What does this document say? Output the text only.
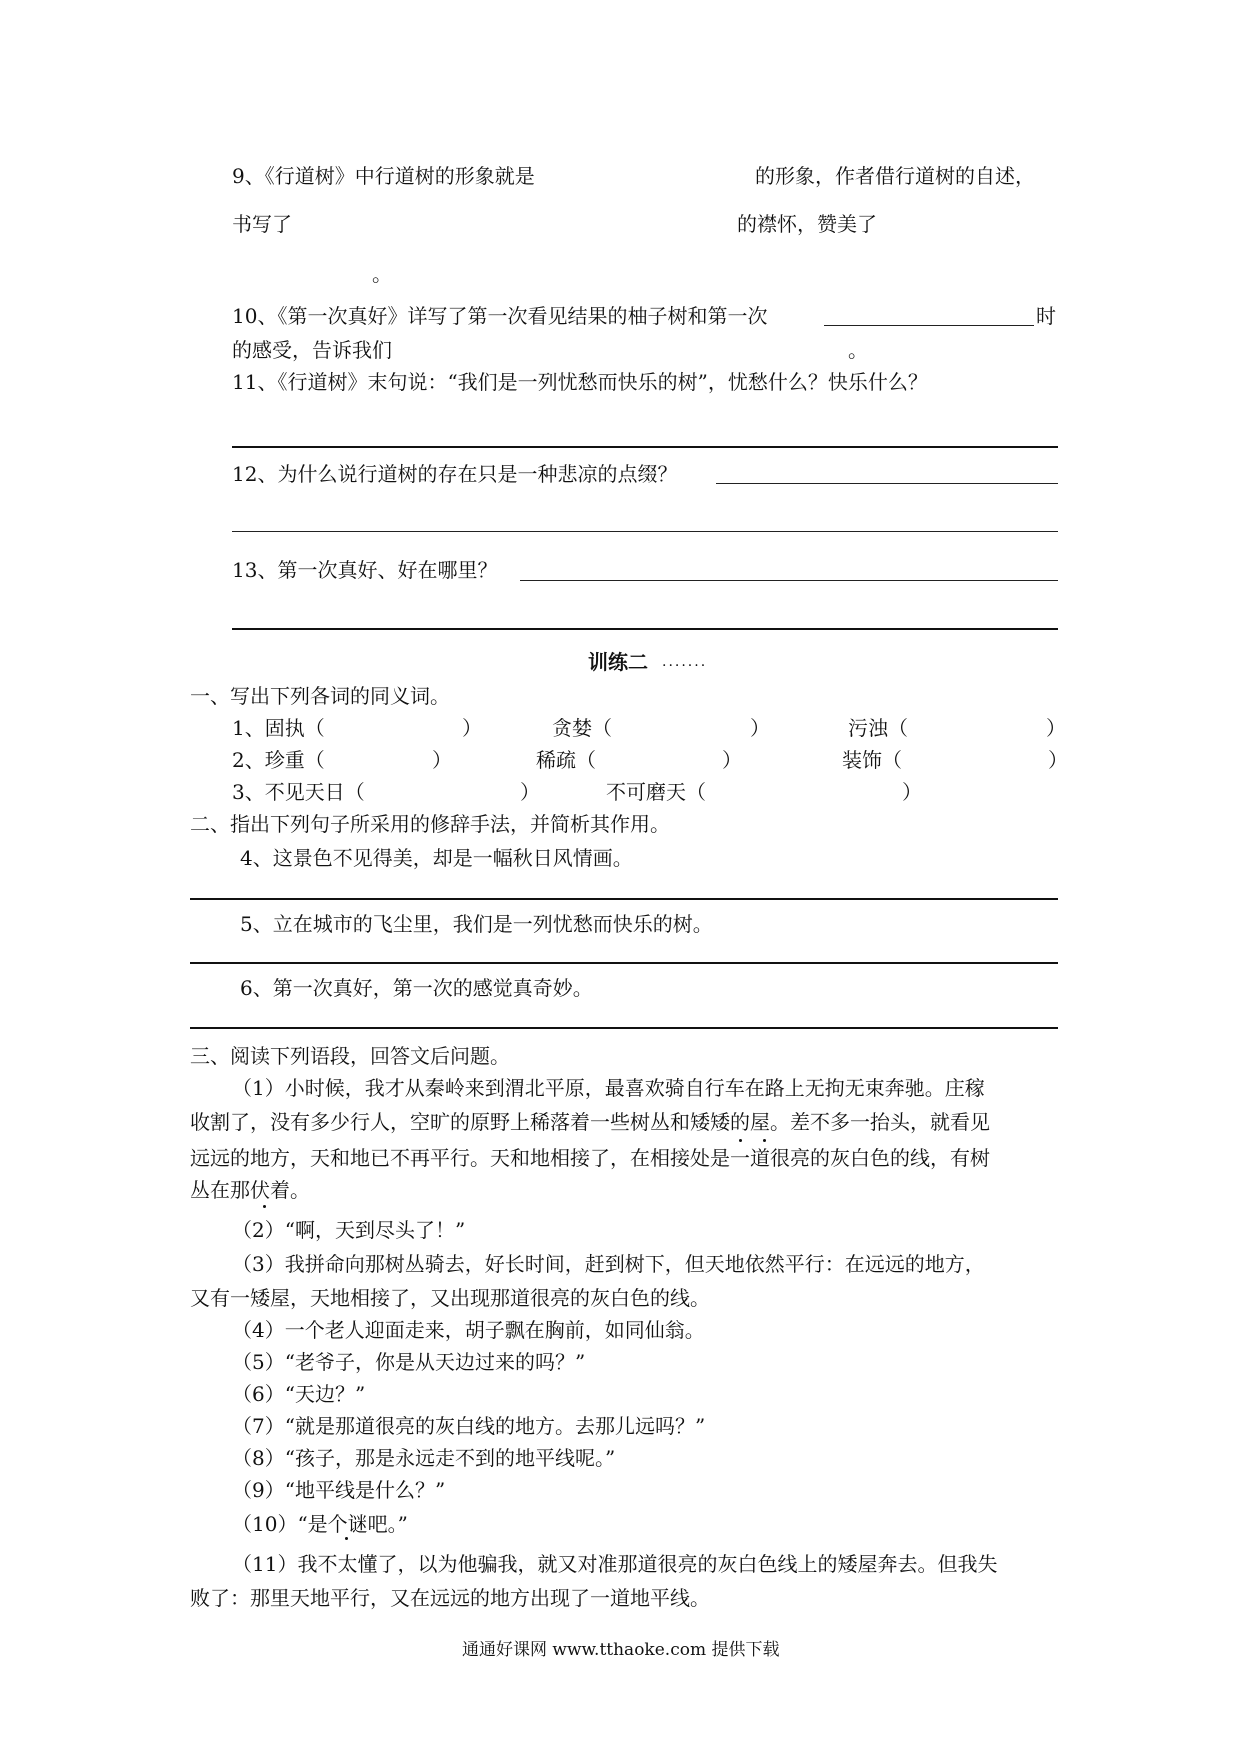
9、《行道树》中行道树的形象就是	的形象，作者借行道树的自述，
书写了	的襟怀，赞美了
。
10、《第一次真好》详写了第一次看见结果的柚子树和第一次	时
的感受，告诉我们	。
11、《行道树》末句说：“我们是一列忧愁而快乐的树”，忧愁什么？快乐什么？
12、为什么说行道树的存在只是一种悲凉的点缀？
13、第一次真好、好在哪里？
训练二 .......
一、写出下列各词的同义词。
1、固执（	）	贪婪（	）	污浊（	）
2、珍重（	）	稀疏（	）	装饰（	）
3、不见天日（	）	不可磨天（	）
二、指出下列句子所采用的修辞手法，并简析其作用。
4、这景色不见得美，却是一幅秋日风情画。
5、立在城市的飞尘里，我们是一列忧愁而快乐的树。
6、第一次真好，第一次的感觉真奇妙。
三、阅读下列语段，回答文后问题。
（1）小时候，我才从秦岭来到渭北平原，最喜欢骑自行车在路上无拘无束奔驰。庄稼
收割了，没有多少行人，空旷的原野上稀落着一些树丛和矮矮的屋。差不多一抬头，就看见
远远的地方，天和地已不再平行。天和地相接了，在相接处是一道很亮的灰白色的线，有树
丛在那伏着。
（2）“啊，天到尽头了！”
（3）我拼命向那树丛骑去，好长时间，赶到树下，但天地依然平行：在远远的地方，
又有一矮屋，天地相接了，又出现那道很亮的灰白色的线。
（4）一个老人迎面走来，胡子飘在胸前，如同仙翁。
（5）“老爷子，你是从天边过来的吗？”
（6）“天边？”
（7）“就是那道很亮的灰白线的地方。去那儿远吗？”
（8）“孩子，那是永远走不到的地平线呢。”
（9）“地平线是什么？”
（10）“是个谜吧。”
（11）我不太懂了，以为他骗我，就又对准那道很亮的灰白色线上的矮屋奔去。但我失
败了：那里天地平行，又在远远的地方出现了一道地平线。
通通好课网 www.tthaoke.com 提供下载
